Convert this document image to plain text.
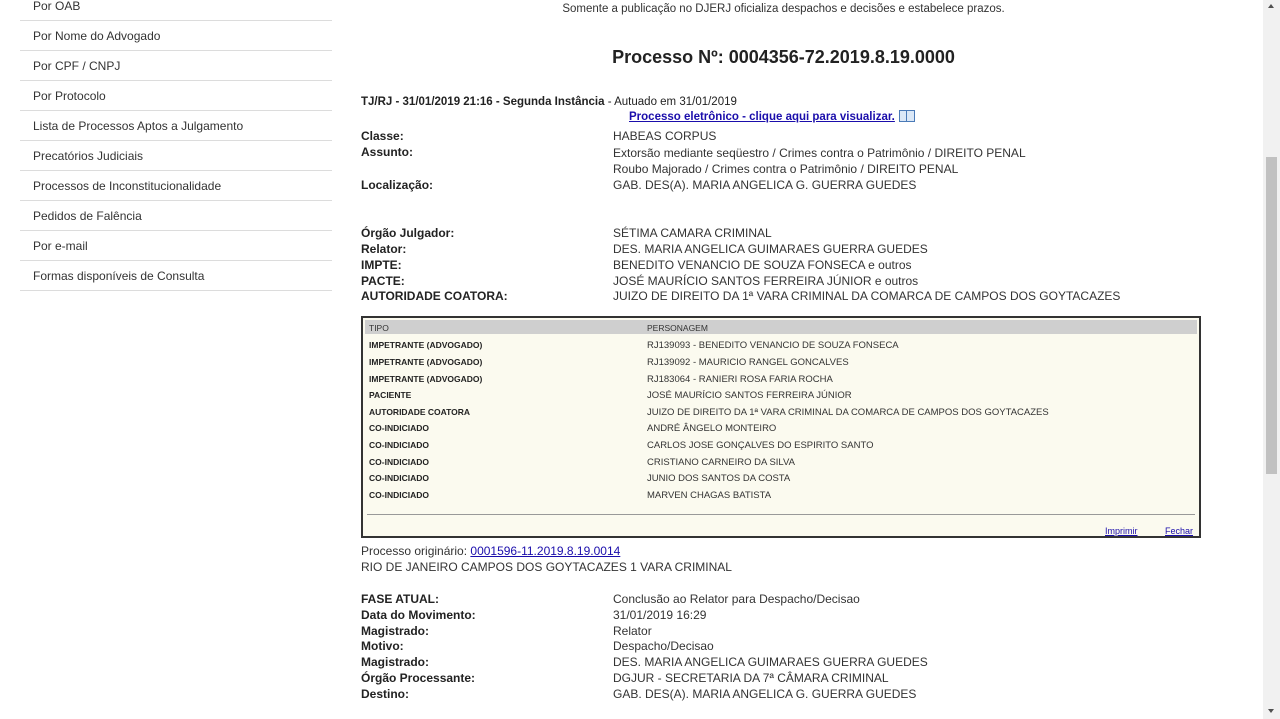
Por OAB
Por Nome do Advogado
Por CPF / CNPJ
Por Protocolo
Lista de Processos Aptos a Julgamento
Precatórios Judiciais
Processos de Inconstitucionalidade
Pedidos de Falência
Por e-mail
Formas disponíveis de Consulta
Somente a publicação no DJERJ oficializa despachos e decisões e estabelece prazos.
Processo Nº: 0004356-72.2019.8.19.0000
TJ/RJ - 31/01/2019 21:16 - Segunda Instância - Autuado em 31/01/2019
Processo eletrônico - clique aqui para visualizar.
Classe:	HABEAS CORPUS
Assunto:	Extorsão mediante seqüestro / Crimes contra o Patrimônio / DIREITO PENAL
Roubo Majorado / Crimes contra o Patrimônio / DIREITO PENAL
Localização:	GAB. DES(A). MARIA ANGELICA G. GUERRA GUEDES
Órgão Julgador:	SÉTIMA CAMARA CRIMINAL
Relator:	DES. MARIA ANGELICA GUIMARAES GUERRA GUEDES
IMPTE:	BENEDITO VENANCIO DE SOUZA FONSECA e outros
PACTE:	JOSÉ MAURÍCIO SANTOS FERREIRA JÚNIOR e outros
AUTORIDADE COATORA:	JUIZO DE DIREITO DA 1ª VARA CRIMINAL DA COMARCA DE CAMPOS DOS GOYTACAZES
TIPO	PERSONAGEM
IMPETRANTE (ADVOGADO)	RJ139093 - BENEDITO VENANCIO DE SOUZA FONSECA
IMPETRANTE (ADVOGADO)	RJ139092 - MAURICIO RANGEL GONCALVES
IMPETRANTE (ADVOGADO)	RJ183064 - RANIERI ROSA FARIA ROCHA
PACIENTE	JOSÉ MAURÍCIO SANTOS FERREIRA JÚNIOR
AUTORIDADE COATORA	JUIZO DE DIREITO DA 1ª VARA CRIMINAL DA COMARCA DE CAMPOS DOS GOYTACAZES
CO-INDICIADO	ANDRÉ ÂNGELO MONTEIRO
CO-INDICIADO	CARLOS JOSE GONÇALVES DO ESPIRITO SANTO
CO-INDICIADO	CRISTIANO CARNEIRO DA SILVA
CO-INDICIADO	JUNIO DOS SANTOS DA COSTA
CO-INDICIADO	MARVEN CHAGAS BATISTA
Imprimir	Fechar
Processo originário: 0001596-11.2019.8.19.0014
RIO DE JANEIRO CAMPOS DOS GOYTACAZES 1 VARA CRIMINAL
FASE ATUAL:	Conclusão ao Relator para Despacho/Decisao
Data do Movimento:	31/01/2019 16:29
Magistrado:	Relator
Motivo:	Despacho/Decisao
Magistrado:	DES. MARIA ANGELICA GUIMARAES GUERRA GUEDES
Órgão Processante:	DGJUR - SECRETARIA DA 7ª CÂMARA CRIMINAL
Destino:	GAB. DES(A). MARIA ANGELICA G. GUERRA GUEDES
